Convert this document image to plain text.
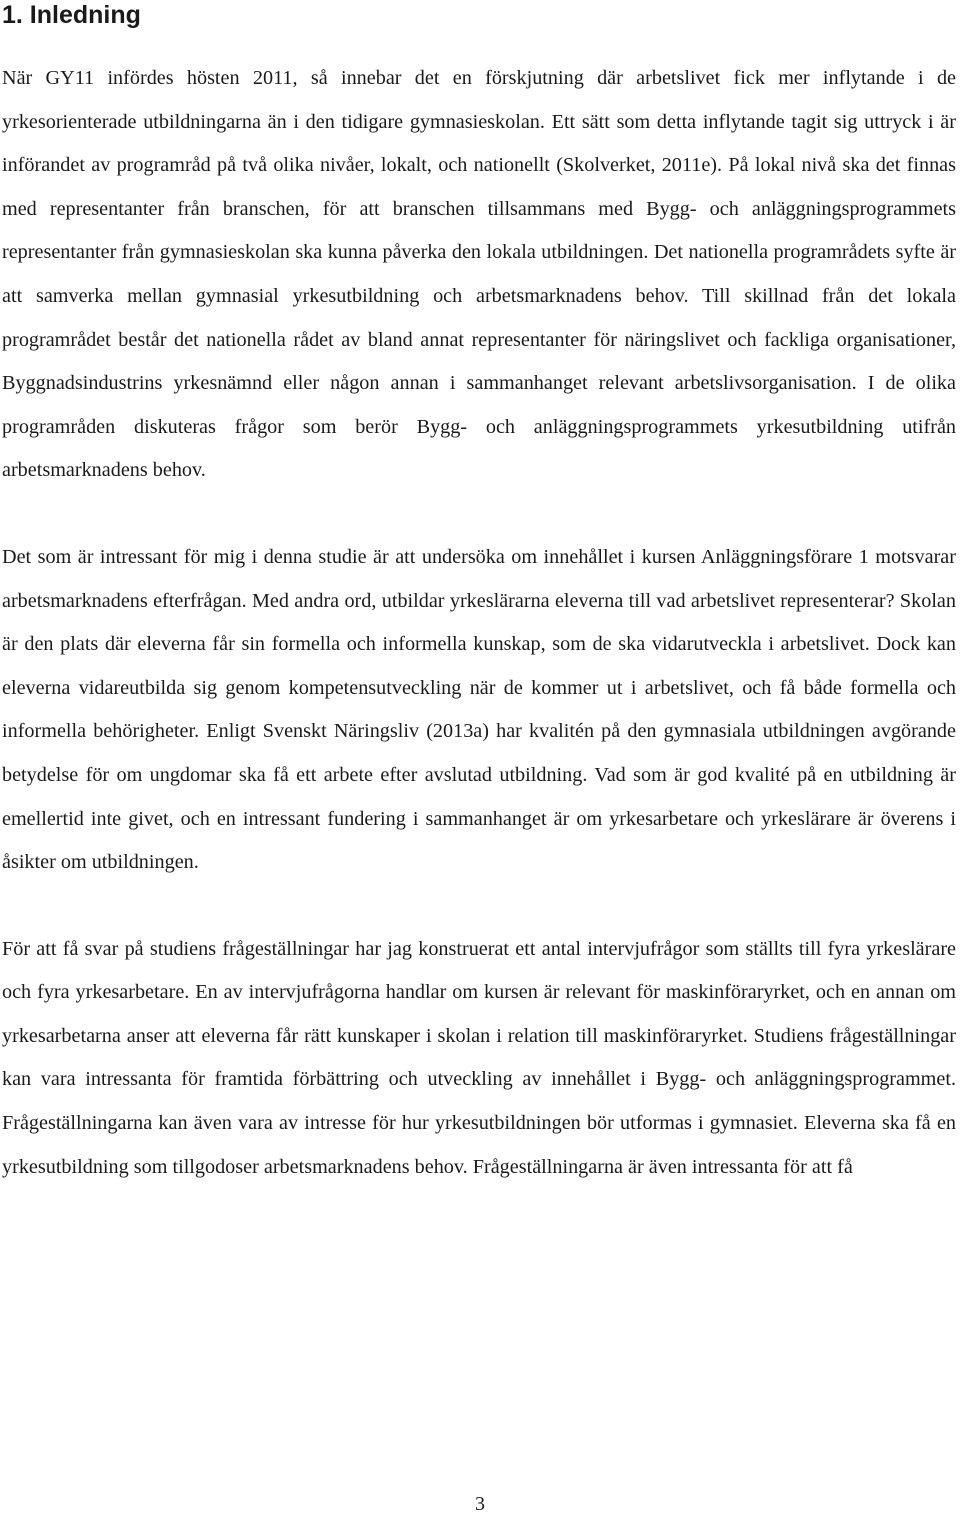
1. Inledning

När GY11 infördes hösten 2011, så innebar det en förskjutning där arbetslivet fick mer inflytande i de yrkesorienterade utbildningarna än i den tidigare gymnasieskolan. Ett sätt som detta inflytande tagit sig uttryck i är införandet av programråd på två olika nivåer, lokalt, och nationellt (Skolverket, 2011e). På lokal nivå ska det finnas med representanter från branschen, för att branschen tillsammans med Bygg- och anläggningsprogrammets representanter från gymnasieskolan ska kunna påverka den lokala utbildningen. Det nationella programrådets syfte är att samverka mellan gymnasial yrkesutbildning och arbetsmarknadens behov. Till skillnad från det lokala programrådet består det nationella rådet av bland annat representanter för näringslivet och fackliga organisationer, Byggnadsindustrins yrkesnämnd eller någon annan i sammanhanget relevant arbetslivsorganisation. I de olika programråden diskuteras frågor som berör Bygg- och anläggningsprogrammets yrkesutbildning utifrån arbetsmarknadens behov.

Det som är intressant för mig i denna studie är att undersöka om innehållet i kursen Anläggningsförare 1 motsvarar arbetsmarknadens efterfrågan. Med andra ord, utbildar yrkeslärarna eleverna till vad arbetslivet representerar? Skolan är den plats där eleverna får sin formella och informella kunskap, som de ska vidarutveckla i arbetslivet. Dock kan eleverna vidareutbilda sig genom kompetensutveckling när de kommer ut i arbetslivet, och få både formella och informella behörigheter. Enligt Svenskt Näringsliv (2013a) har kvalitén på den gymnasiala utbildningen avgörande betydelse för om ungdomar ska få ett arbete efter avslutad utbildning. Vad som är god kvalité på en utbildning är emellertid inte givet, och en intressant fundering i sammanhanget är om yrkesarbetare och yrkeslärare är överens i åsikter om utbildningen.

För att få svar på studiens frågeställningar har jag konstruerat ett antal intervjufrågor som ställts till fyra yrkeslärare och fyra yrkesarbetare. En av intervjufrågorna handlar om kursen är relevant för maskinföraryrket, och en annan om yrkesarbetarna anser att eleverna får rätt kunskaper i skolan i relation till maskinföraryrket. Studiens frågeställningar kan vara intressanta för framtida förbättring och utveckling av innehållet i Bygg- och anläggningsprogrammet. Frågeställningarna kan även vara av intresse för hur yrkesutbildningen bör utformas i gymnasiet. Eleverna ska få en yrkesutbildning som tillgodoser arbetsmarknadens behov. Frågeställningarna är även intressanta för att få

3
